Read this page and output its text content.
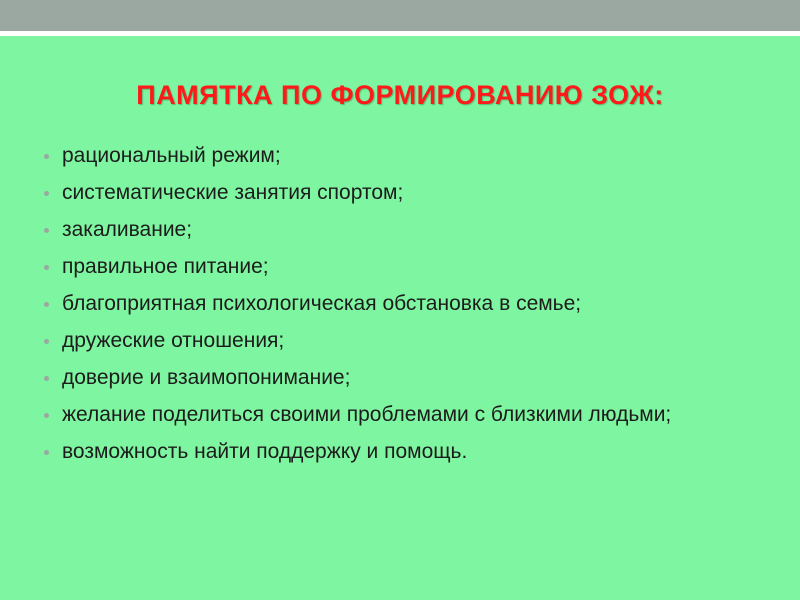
ПАМЯТКА ПО ФОРМИРОВАНИЮ ЗОЖ:
рациональный режим;
систематические занятия спортом;
закаливание;
правильное питание;
благоприятная психологическая обстановка в семье;
дружеские отношения;
доверие и взаимопонимание;
желание поделиться своими проблемами с близкими людьми;
возможность найти поддержку и помощь.
